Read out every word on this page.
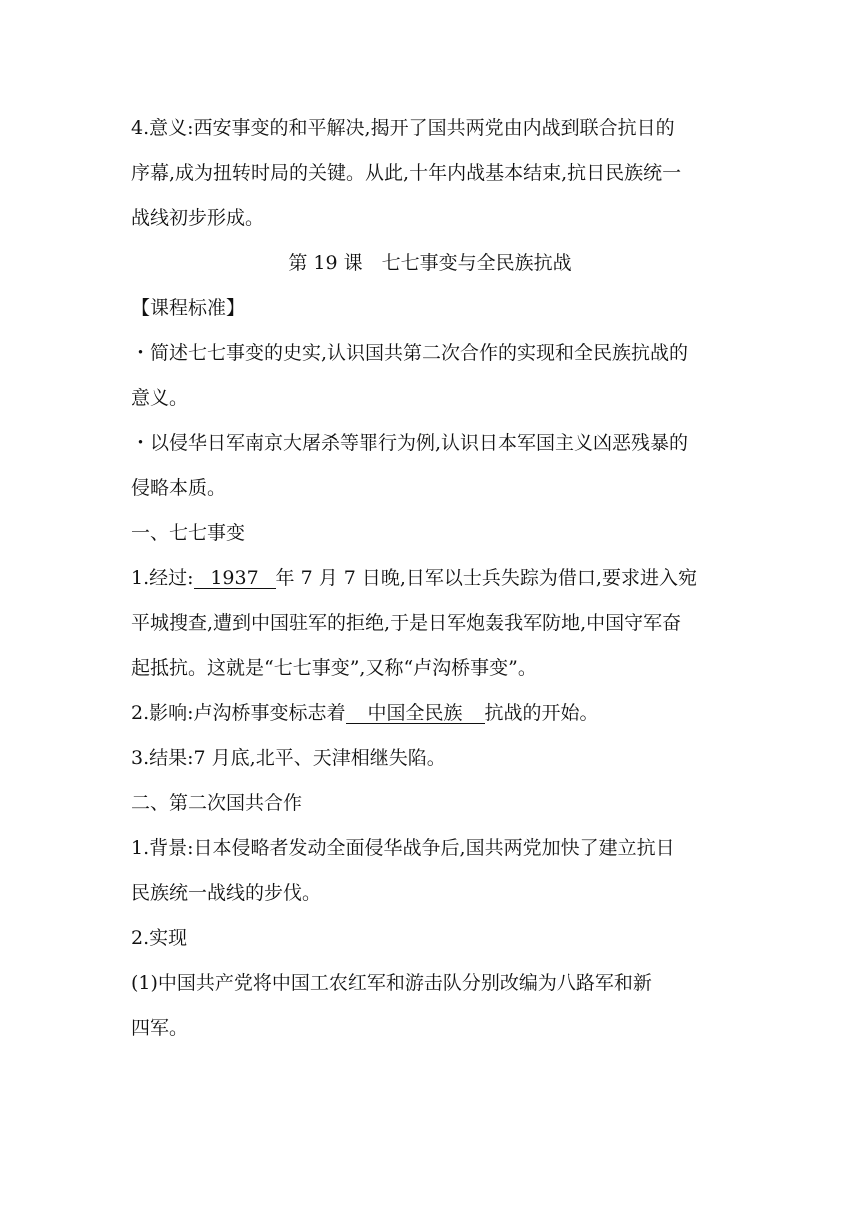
4.意义:西安事变的和平解决,揭开了国共两党由内战到联合抗日的
序幕,成为扭转时局的关键。从此,十年内战基本结束,抗日民族统一
战线初步形成。
第 19 课　七七事变与全民族抗战
【课程标准】
・简述七七事变的史实,认识国共第二次合作的实现和全民族抗战的
意义。
・以侵华日军南京大屠杀等罪行为例,认识日本军国主义凶恶残暴的
侵略本质。
一、七七事变
1.经过: 1937 年 7 月 7 日晚,日军以士兵失踪为借口,要求进入宛
平城搜查,遭到中国驻军的拒绝,于是日军炮轰我军防地,中国守军奋
起抵抗。这就是“七七事变”,又称“卢沟桥事变”。
2.影响:卢沟桥事变标志着 中国全民族 抗战的开始。
3.结果:7 月底,北平、天津相继失陷。
二、第二次国共合作
1.背景:日本侵略者发动全面侵华战争后,国共两党加快了建立抗日
民族统一战线的步伐。
2.实现
(1)中国共产党将中国工农红军和游击队分别改编为八路军和新
四军。
